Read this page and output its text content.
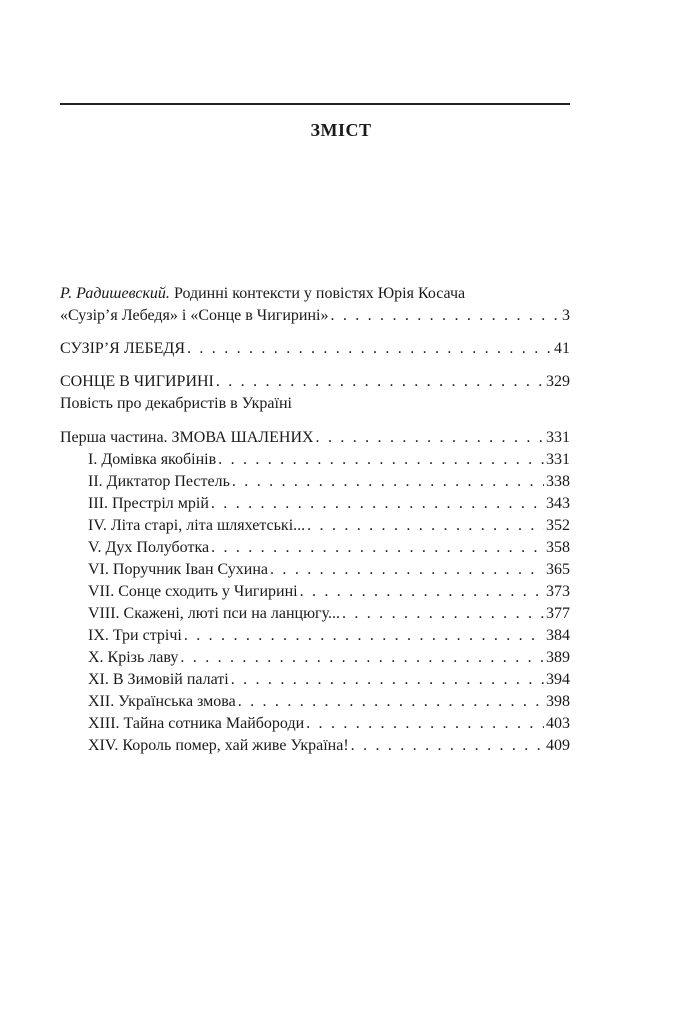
ЗМІСТ
Р. Радишевский. Родинні контексти у повістях Юрія Косача
«Сузір’я Лебедя» і «Сонце в Чигирині» . . .	3
СУЗІР’Я ЛЕБЕДЯ . . .	41
СОНЦЕ В ЧИГИРИНІ . . .	329
Повість про декабристів в Україні
Перша частина. ЗМОВА ШАЛЕНИХ . . .	331
І. Домівка якобінів . . .	331
ІІ. Диктатор Пестель . . .	338
ІІІ. Престріл мрій . . .	343
IV. Літа старі, літа шляхетські... . . .	352
V. Дух Полуботка . . .	358
VI. Поручник Іван Сухина . . .	365
VII. Сонце сходить у Чигирині . . .	373
VIII. Скажені, люті пси на ланцюгу... . . .	377
IX. Три стрічі . . .	384
X. Крізь лаву . . .	389
XI. В Зимовій палаті . . .	394
XII. Українська змова . . .	398
XIII. Тайна сотника Майбороди . . .	403
XIV. Король помер, хай живе Україна! . . .	409
